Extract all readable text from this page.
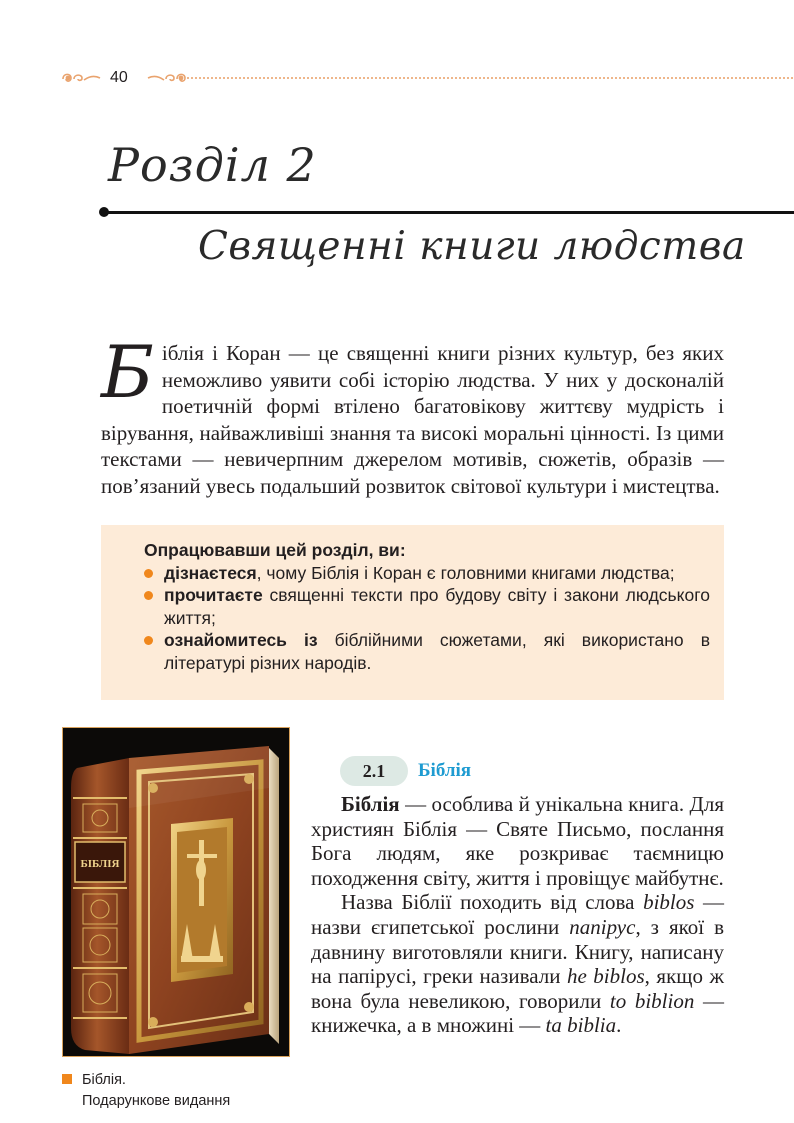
40
Розділ 2
Священні книги людства
Б іблія і Коран — це священні книги різних культур, без яких неможливо уявити собі історію людства. У них у досконалій поетичній формі втілено багатовікову життєву мудрість і вірування, найважливіші знання та високі моральні цінності. Із цими текстами — невичерпним джерелом мотивів, сюжетів, образів — пов’язаний увесь подальший розвиток світової культури і мистецтва.
Опрацювавши цей розділ, ви:
дізнаєтеся, чому Біблія і Коран є головними книгами людства;
прочитаєте священні тексти про будову світу і закони людського життя;
ознайомитесь із біблійними сюжетами, які використано в літературі різних народів.
БІБЛІЯ
Біблія.
Подарункове видання
2.1	Біблія

Біблія — особлива й унікальна книга. Для християн Біблія — Святе Письмо, послання Бога людям, яке розкриває таємницю походження світу, життя і провіщує майбутнє.

Назва Біблії походить від слова biblos — назви єгипетської рослини папірус, з якої в давнину виготовляли книги. Книгу, написану на папірусі, греки називали he biblos, якщо ж вона була невеликою, говорили to biblion — книжечка, а в множині — ta biblia.
